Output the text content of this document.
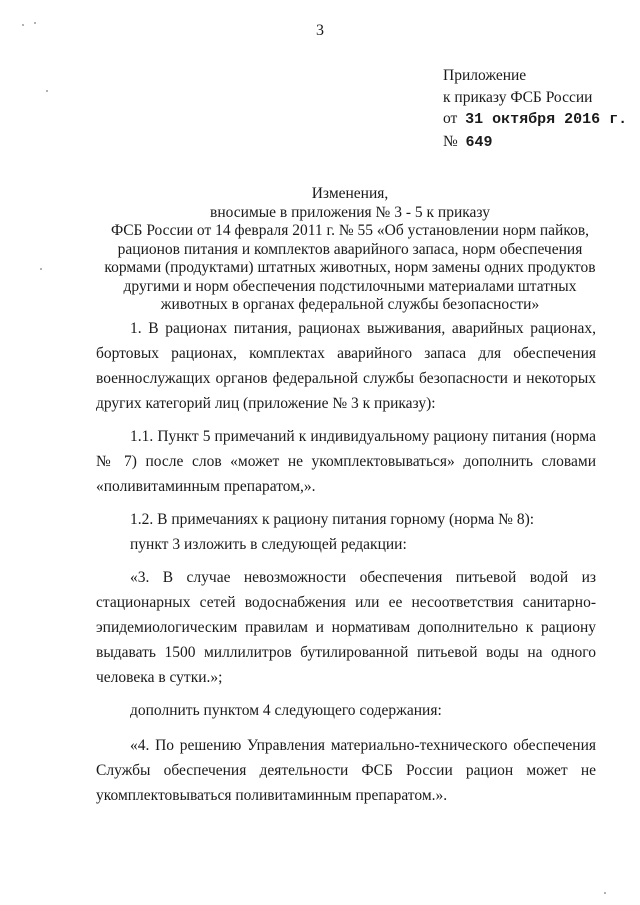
3
Приложение
к приказу ФСБ России
от 31 октября 2016 г.
№ 649
Изменения,
вносимые в приложения № 3 - 5 к приказу
ФСБ России от 14 февраля 2011 г. № 55 «Об установлении норм пайков,
рационов питания и комплектов аварийного запаса, норм обеспечения
кормами (продуктами) штатных животных, норм замены одних продуктов
другими и норм обеспечения подстилочными материалами штатных
животных в органах федеральной службы безопасности»

1. В рационах питания, рационах выживания, аварийных рационах, бортовых рационах, комплектах аварийного запаса для обеспечения военнослужащих органов федеральной службы безопасности и некоторых других категорий лиц (приложение № 3 к приказу):

1.1. Пункт 5 примечаний к индивидуальному рациону питания (норма № 7) после слов «может не укомплектовываться» дополнить словами «поливитаминным препаратом,».

1.2. В примечаниях к рациону питания горному (норма № 8):

пункт 3 изложить в следующей редакции:

«3. В случае невозможности обеспечения питьевой водой из стационарных сетей водоснабжения или ее несоответствия санитарно-эпидемиологическим правилам и нормативам дополнительно к рациону выдавать 1500 миллилитров бутилированной питьевой воды на одного человека в сутки.»;

дополнить пунктом 4 следующего содержания:

«4. По решению Управления материально-технического обеспечения Службы обеспечения деятельности ФСБ России рацион может не укомплектовываться поливитаминным препаратом.».
